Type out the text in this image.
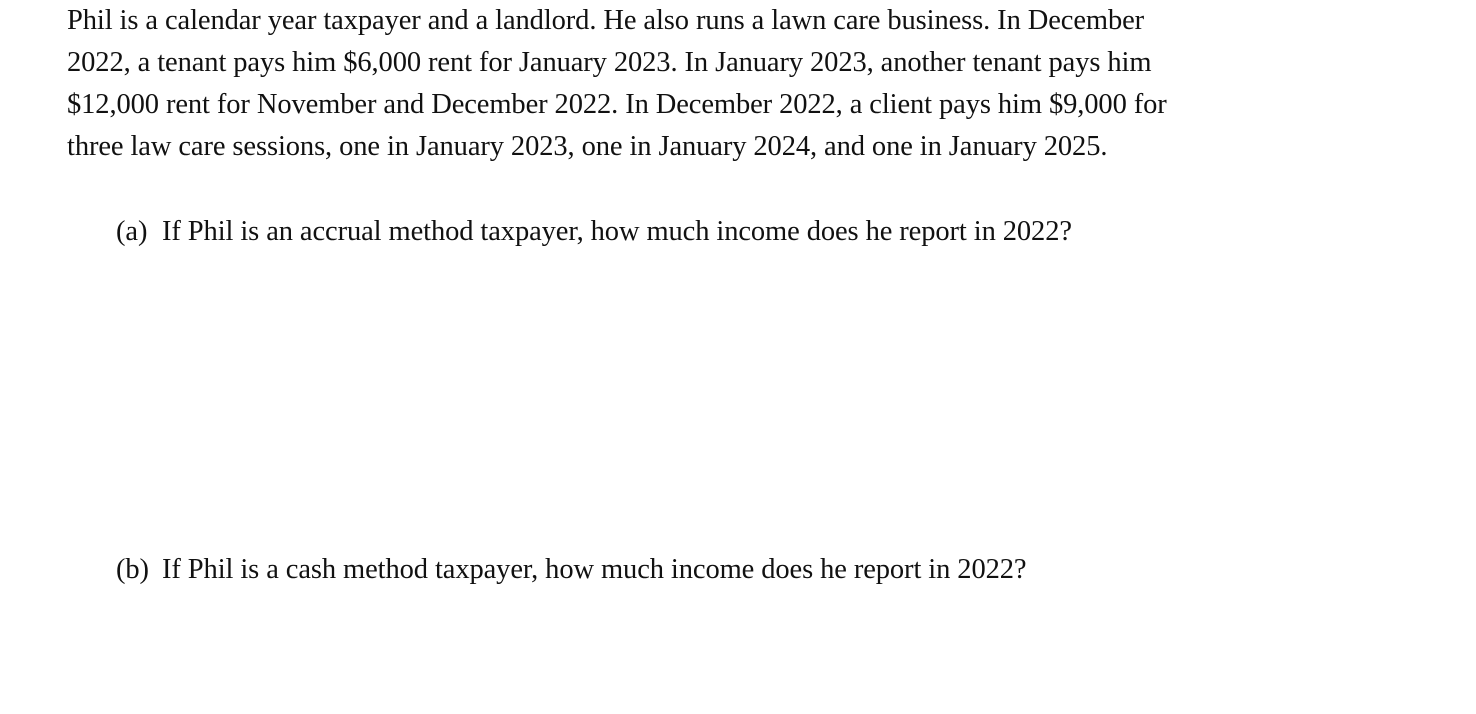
Phil is a calendar year taxpayer and a landlord. He also runs a lawn care business. In December
2022, a tenant pays him $6,000 rent for January 2023. In January 2023, another tenant pays him
$12,000 rent for November and December 2022. In December 2022, a client pays him $9,000 for
three law care sessions, one in January 2023, one in January 2024, and one in January 2025.
(a) If Phil is an accrual method taxpayer, how much income does he report in 2022?
(b) If Phil is a cash method taxpayer, how much income does he report in 2022?
